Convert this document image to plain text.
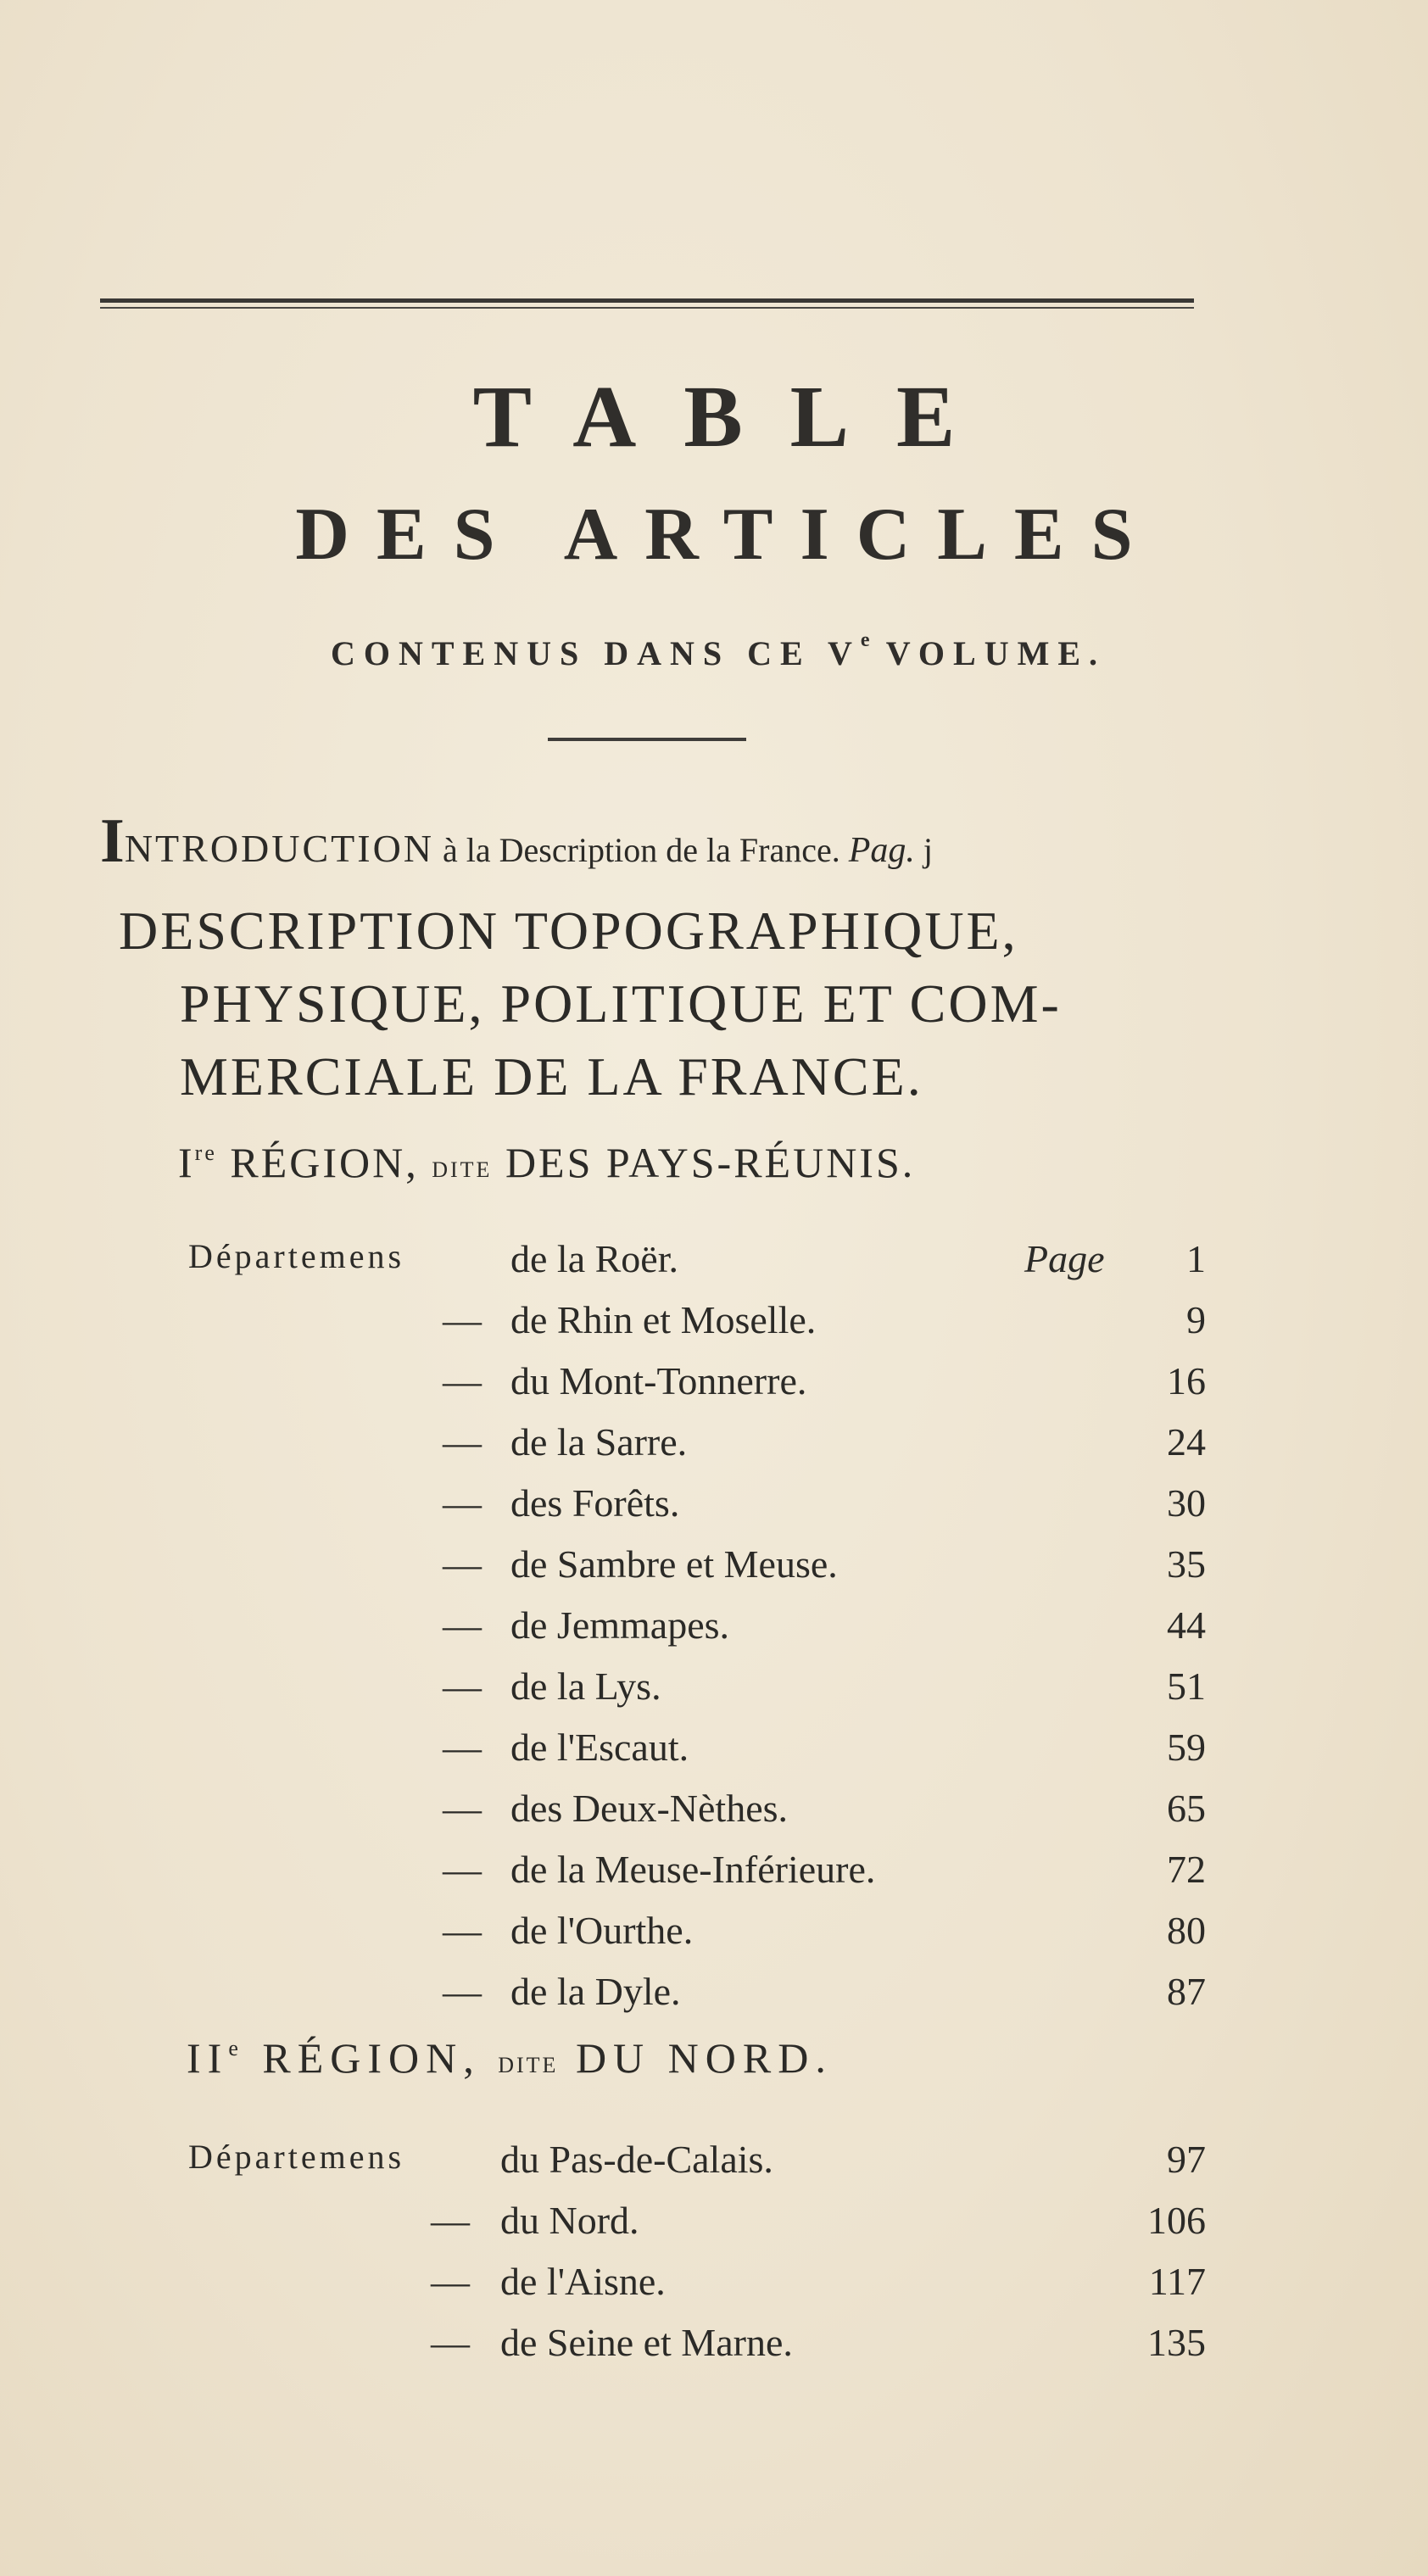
TABLE
DES ARTICLES
CONTENUS DANS CE Ve VOLUME.
INTRODUCTION à la Description de la France. Pag. j
DESCRIPTION TOPOGRAPHIQUE,
PHYSIQUE, POLITIQUE ET COM-
MERCIALE DE LA FRANCE.
Ire RÉGION, DITE DES PAYS-RÉUNIS.
Départemens	de la Roër.	Page 1
— de Rhin et Moselle.	9
— du Mont-Tonnerre.	16
— de la Sarre.	24
— des Forêts.	30
— de Sambre et Meuse.	35
— de Jemmapes.	44
— de la Lys.	51
— de l'Escaut.	59
— des Deux-Nèthes.	65
— de la Meuse-Inférieure.	72
— de l'Ourthe.	80
— de la Dyle.	87
IIe RÉGION, DITE DU NORD.
Départemens du Pas-de-Calais.	97
— du Nord.	106
— de l'Aisne.	117
— de Seine et Marne.	135
